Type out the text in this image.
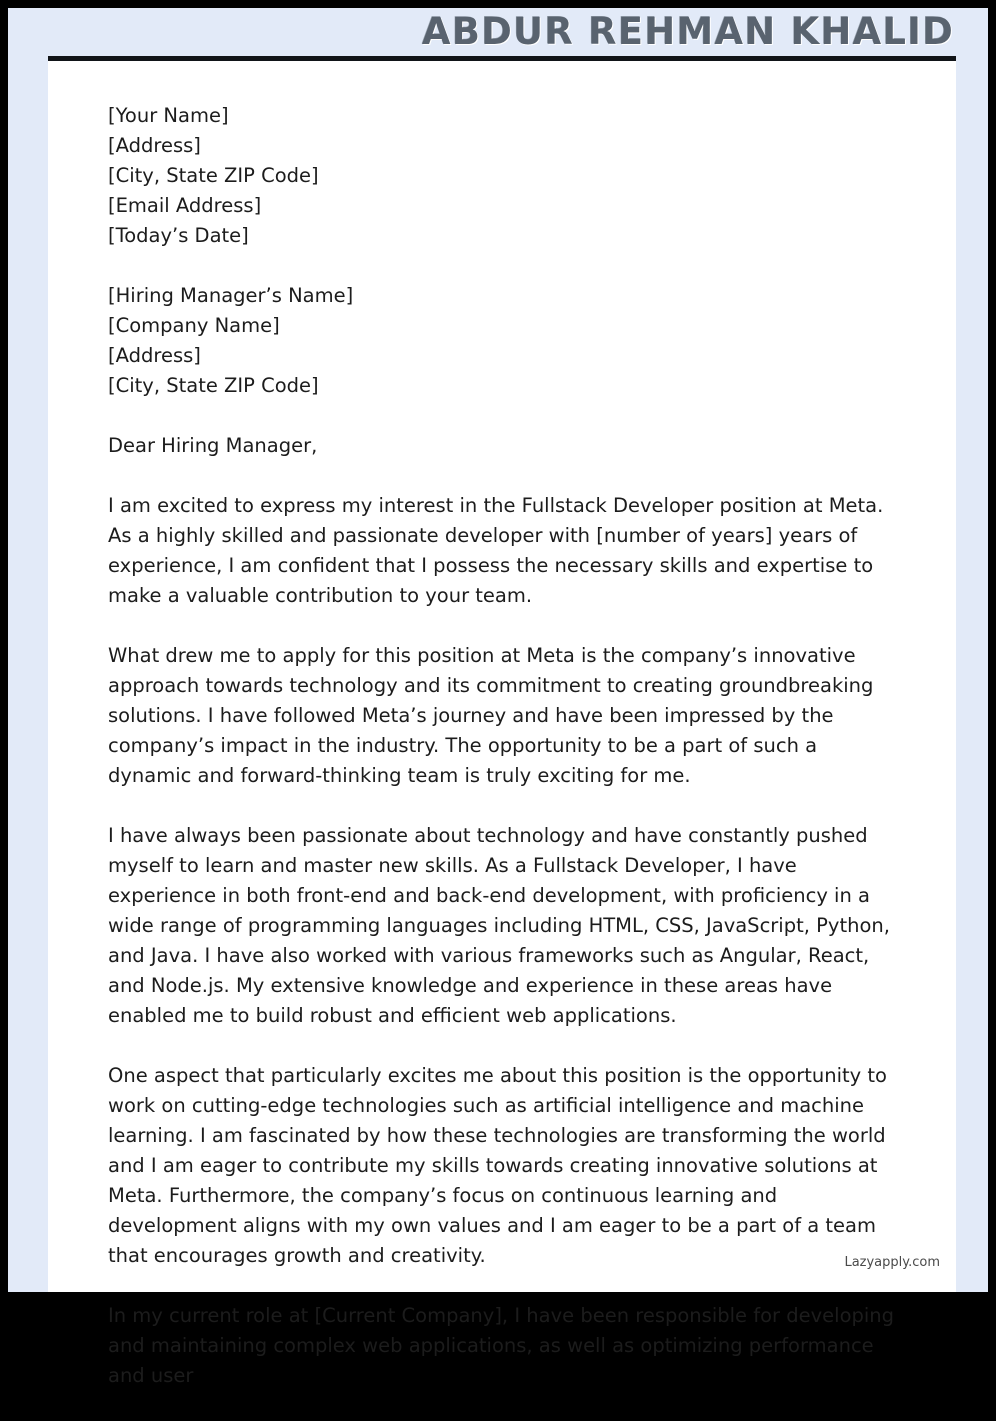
ABDUR REHMAN KHALID
[Your Name]
[Address]
[City, State ZIP Code]
[Email Address]
[Today’s Date]
[Hiring Manager’s Name]
[Company Name]
[Address]
[City, State ZIP Code]
Dear Hiring Manager,

I am excited to express my interest in the Fullstack Developer position at Meta. As a highly skilled and passionate developer with [number of years] years of experience, I am confident that I possess the necessary skills and expertise to make a valuable contribution to your team.

What drew me to apply for this position at Meta is the company’s innovative approach towards technology and its commitment to creating groundbreaking solutions. I have followed Meta’s journey and have been impressed by the company’s impact in the industry. The opportunity to be a part of such a dynamic and forward-thinking team is truly exciting for me.

I have always been passionate about technology and have constantly pushed myself to learn and master new skills. As a Fullstack Developer, I have experience in both front-end and back-end development, with proficiency in a wide range of programming languages including HTML, CSS, JavaScript, Python, and Java. I have also worked with various frameworks such as Angular, React, and Node.js. My extensive knowledge and experience in these areas have enabled me to build robust and efficient web applications.

One aspect that particularly excites me about this position is the opportunity to work on cutting-edge technologies such as artificial intelligence and machine learning. I am fascinated by how these technologies are transforming the world and I am eager to contribute my skills towards creating innovative solutions at Meta. Furthermore, the company’s focus on continuous learning and development aligns with my own values and I am eager to be a part of a team that encourages growth and creativity.

In my current role at [Current Company], I have been responsible for developing and maintaining complex web applications, as well as optimizing performance and user

Lazyapply.com
